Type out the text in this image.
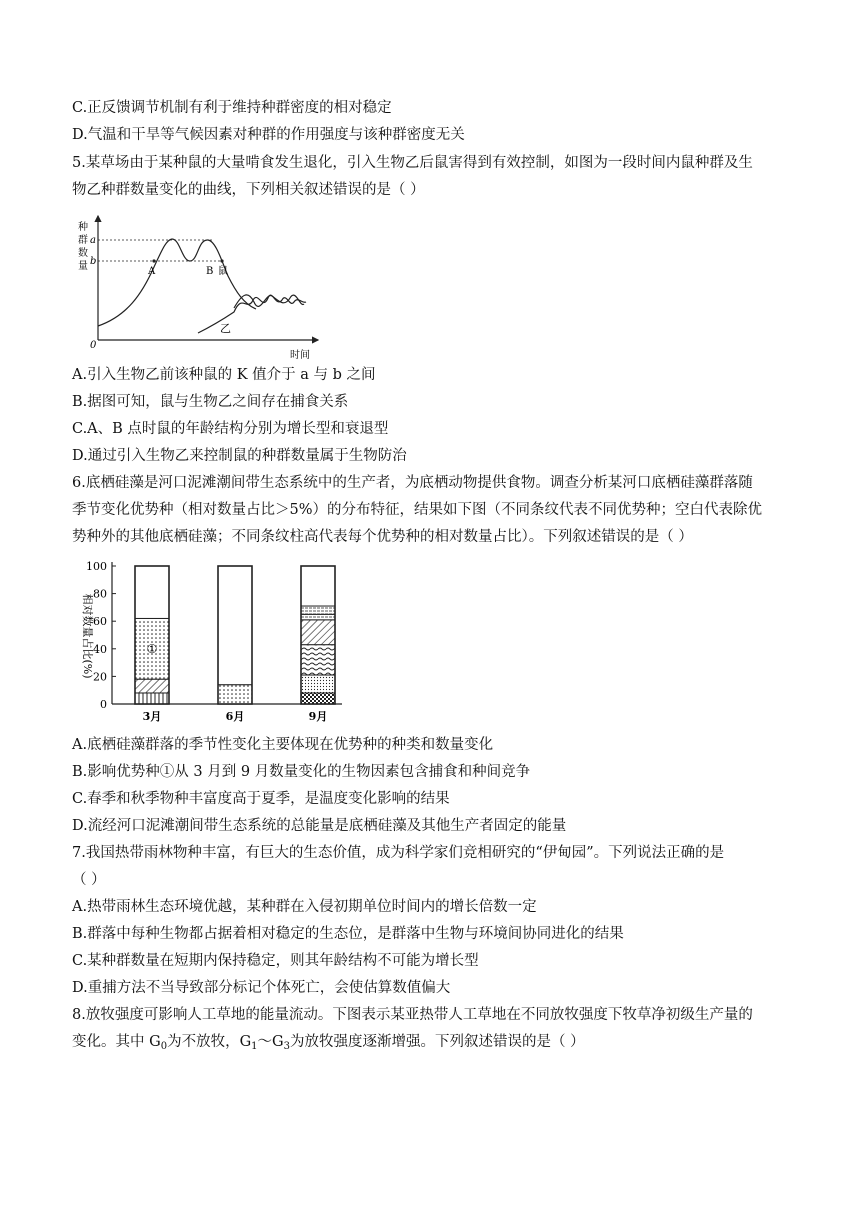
C.正反馈调节机制有利于维持种群密度的相对稳定
D.气温和干旱等气候因素对种群的作用强度与该种群密度无关
5.某草场由于某种鼠的大量啃食发生退化，引入生物乙后鼠害得到有效控制，如图为一段时间内鼠种群及生
物乙种群数量变化的曲线，下列相关叙述错误的是（ ）
种
群
数
量
0
时间
a
b
A	B 鼠
乙
A.引入生物乙前该种鼠的 K 值介于 a 与 b 之间
B.据图可知，鼠与生物乙之间存在捕食关系
C.A、B 点时鼠的年龄结构分别为增长型和衰退型
D.通过引入生物乙来控制鼠的种群数量属于生物防治
6.底栖硅藻是河口泥滩潮间带生态系统中的生产者，为底栖动物提供食物。调查分析某河口底栖硅藻群落随
季节变化优势种（相对数量占比＞5%）的分布特征，结果如下图（不同条纹代表不同优势种；空白代表除优
势种外的其他底栖硅藻；不同条纹柱高代表每个优势种的相对数量占比）。下列叙述错误的是（ ）
相对数量占比(%)
100
80
60
40
20
0
3月	6月	9月
①
A.底栖硅藻群落的季节性变化主要体现在优势种的种类和数量变化
B.影响优势种①从 3 月到 9 月数量变化的生物因素包含捕食和种间竞争
C.春季和秋季物种丰富度高于夏季，是温度变化影响的结果
D.流经河口泥滩潮间带生态系统的总能量是底栖硅藻及其他生产者固定的能量
7.我国热带雨林物种丰富，有巨大的生态价值，成为科学家们竞相研究的“伊甸园”。下列说法正确的是
（ ）
A.热带雨林生态环境优越，某种群在入侵初期单位时间内的增长倍数一定
B.群落中每种生物都占据着相对稳定的生态位，是群落中生物与环境间协同进化的结果
C.某种群数量在短期内保持稳定，则其年龄结构不可能为增长型
D.重捕方法不当导致部分标记个体死亡，会使估算数值偏大
8.放牧强度可影响人工草地的能量流动。下图表示某亚热带人工草地在不同放牧强度下牧草净初级生产量的
变化。其中 $G_0$为不放牧，$G_1\sim G_3$为放牧强度逐渐增强。下列叙述错误的是（ ）
